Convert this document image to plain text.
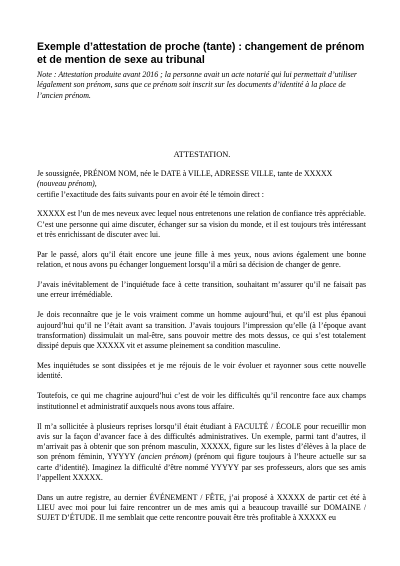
Exemple d’attestation de proche (tante) : changement de prénom et de mention de sexe au tribunal

Note : Attestation produite avant 2016 ; la personne avait un acte notarié qui lui permettait d’utiliser légalement son prénom, sans que ce prénom soit inscrit sur les documents d’identité à la place de l’ancien prénom.

ATTESTATION.

Je soussignée, PRÉNOM NOM, née le DATE à VILLE, ADRESSE VILLE, tante de XXXXX
(nouveau prénom),
certifie l’exactitude des faits suivants pour en avoir été le témoin direct :

XXXXX est l’un de mes neveux avec lequel nous entretenons une relation de confiance très appréciable.
C’est une personne qui aime discuter, échanger sur sa vision du monde, et il est toujours très intéressant et très enrichissant de discuter avec lui.

Par le passé, alors qu’il était encore une jeune fille à mes yeux, nous avions également une bonne relation, et nous avons pu échanger longuement lorsqu’il a mûri sa décision de changer de genre.

J’avais inévitablement de l’inquiétude face à cette transition, souhaitant m’assurer qu’il ne faisait pas une erreur irrémédiable.

Je dois reconnaître que je le vois vraiment comme un homme aujourd’hui, et qu’il est plus épanoui aujourd’hui qu’il ne l’était avant sa transition. J’avais toujours l’impression qu’elle (à l’époque avant transformation) dissimulait un mal-être, sans pouvoir mettre des mots dessus, ce qui s’est totalement dissipé depuis que XXXXX vit et assume pleinement sa condition masculine.

Mes inquiétudes se sont dissipées et je me réjouis de le voir évoluer et rayonner sous cette nouvelle identité.

Toutefois, ce qui me chagrine aujourd’hui c’est de voir les difficultés qu’il rencontre face aux champs institutionnel et administratif auxquels nous avons tous affaire.

Il m’a sollicitée à plusieurs reprises lorsqu’il était étudiant à FACULTÉ / ÉCOLE pour recueillir mon avis sur la façon d’avancer face à des difficultés administratives. Un exemple, parmi tant d’autres, il m’arrivait pas à obtenir que son prénom masculin, XXXXX, figure sur les listes d’élèves à la place de son prénom féminin, YYYYY (ancien prénom) (prénom qui figure toujours à l’heure actuelle sur sa carte d’identité). Imaginez la difficulté d’être nommé YYYYY par ses professeurs, alors que ses amis l’appellent XXXXX.

Dans un autre registre, au dernier ÉVÉNEMENT / FÊTE, j’ai proposé à XXXXX de partir cet été à LIEU avec moi pour lui faire rencontrer un de mes amis qui a beaucoup travaillé sur DOMAINE / SUJET D’ÉTUDE. Il me semblait que cette rencontre pouvait être très profitable à XXXXX eu
